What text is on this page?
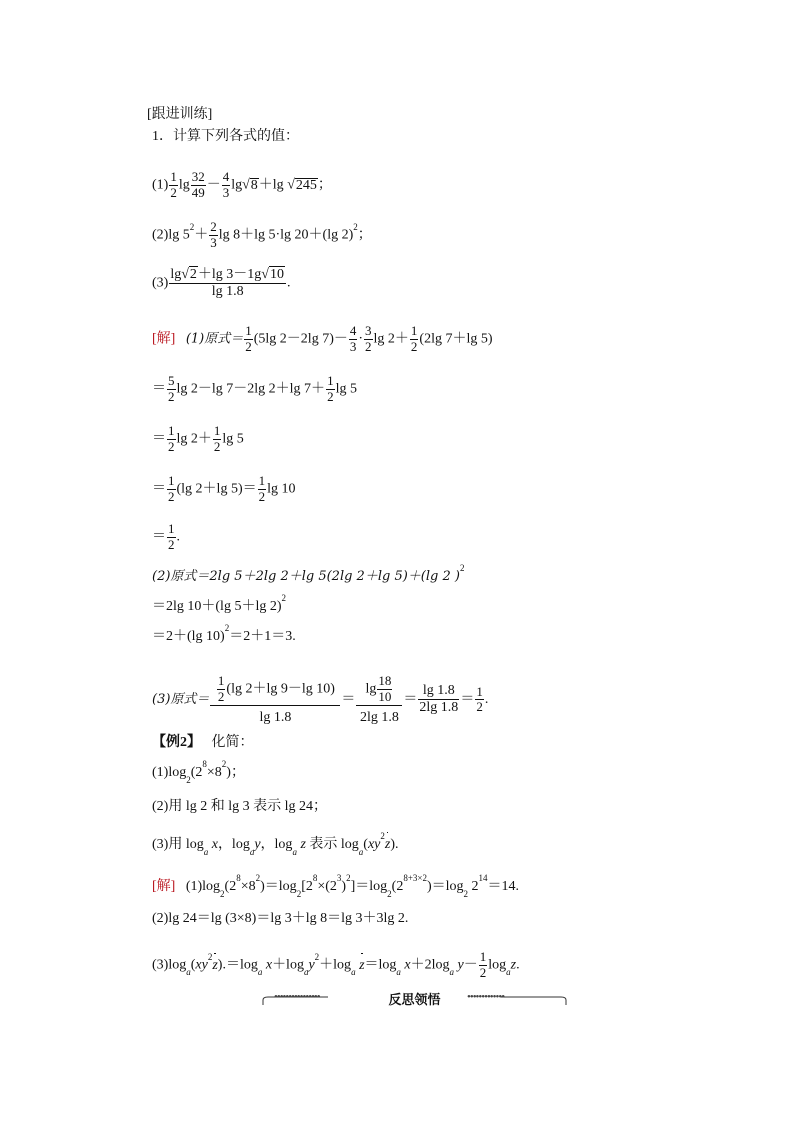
[跟进训练]
1．计算下列各式的值：
$(1) \frac{1}{2}$ $\lg \frac{32}{49} - \frac{4}{3} \lg√8+\lg$ √245；
(2)lg $5^2+ \frac{2}{3}$ lg 8＋lg 5·lg 20＋(lg 2)$^2$；
$(3) \frac{\lg√2+\lg 3-1g√10}{\lg 1.8}$ .
[解] (1)原式＝ $\frac{1}{2} (5\lg$ 2－2lg $7)- \frac{4}{3} \cdot \frac{3}{2}$ $\lg 2+ \frac{1}{2} (2\lg$ 7＋lg 5)
＝ $\frac{5}{2}$ lg 2－lg 7－2lg 2＋lg $7+ \frac{1}{2}$ lg 5
＝ $\frac{1}{2}$ $\lg 2+ \frac{1}{2}$ lg 5
＝ $\frac{1}{2} (\lg$ 2＋lg $5)= \frac{1}{2}$ lg 10
＝ $\frac{1}{2}$ .
(2)原式＝2lg 5＋2lg 2＋lg 5(2lg 2＋lg 5)＋(lg 2 )$^2$
＝2lg 10＋(lg 5＋lg 2)$^2$
＝2＋(lg 10)$^2$＝2＋1＝3.
(3)原式＝ $\frac{\frac{1}{2} (\lg 2+\lg 9-\lg 10)}{\lg 1.8} = \frac{\lg \frac{18}{10}}{2\lg 1.8} = \frac{\lg 1.8}{2\lg 1.8} = \frac{1}{2}$ .
【例2】 化简：
$(1)\log_2(2^8\times 8^2)$；
(2)用 lg 2 和 lg 3 表示 lg 24；
(3)用 $\log_a x$，$\log_ay$，$\log_a z$ 表示 $\log_a(xy^2z)$.
[解] $(1)\log_2(2^8\times 8^2)=\log_2[2^8\times(2^3)^2]=\log_2(2^{8+3\times 2})=\log_2$ $2^{14}=14$.
(2)lg 24＝lg (3×8)＝lg 3＋lg 8＝lg 3＋3lg 2.
$(3)\log_a(xy^2z).=\log_a$ $x+\log_ay^2+\log_a$ $z=\log_a$ $x+2\log_a$ $y- \frac{1}{2} \log_az$.
••••••••••••••••	反思领悟	•••••••••••••
